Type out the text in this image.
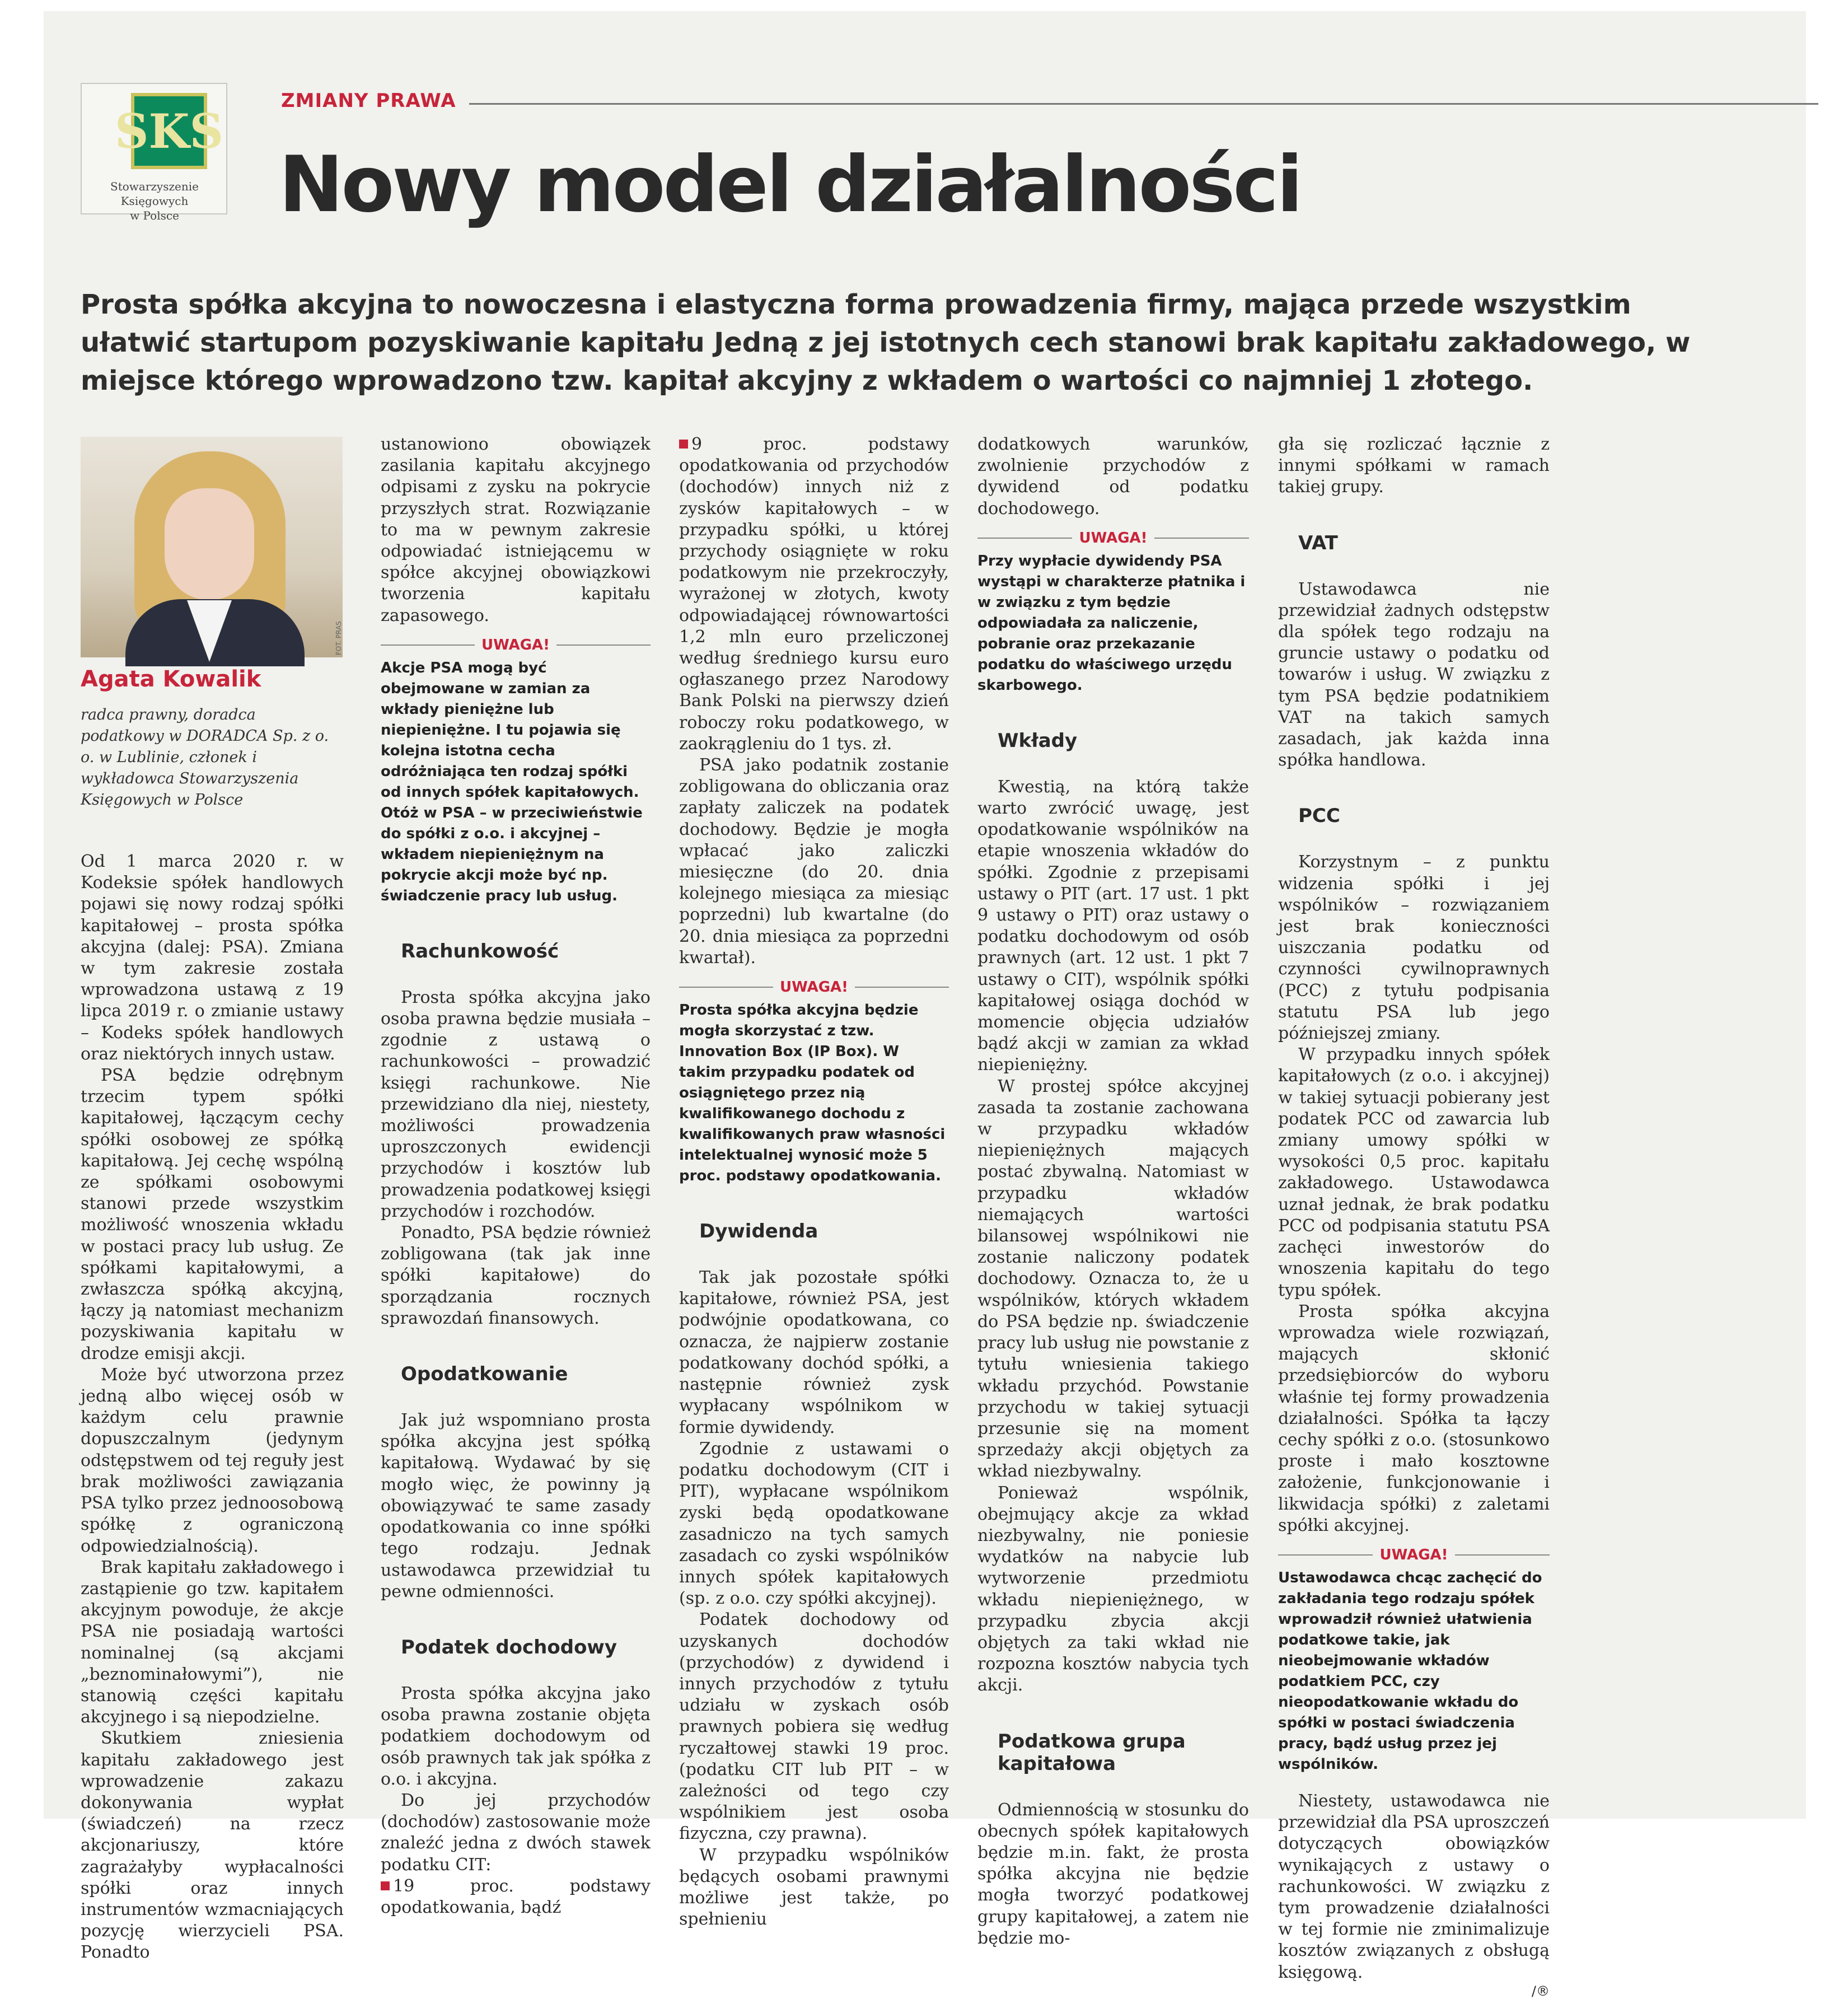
SKS
Stowarzyszenie Księgowych
w Polsce
ZMIANY PRAWA
Nowy model działalności
Prosta spółka akcyjna to nowoczesna i elastyczna forma prowadzenia firmy, mająca przede wszystkim ułatwić startupom pozyskiwanie kapitału Jedną z jej istotnych cech stanowi brak kapitału zakładowego, w miejsce którego wprowadzono tzw. kapitał akcyjny z wkładem o wartości co najmniej 1 złotego.
FOT. PRAS
Agata Kowalik
radca prawny, doradca podatkowy w DORADCA Sp. z o. o. w Lublinie, członek i wykładowca Stowarzyszenia Księgowych w Polsce

Od 1 marca 2020 r. w Kodeksie spółek handlowych pojawi się nowy rodzaj spółki kapitałowej – prosta spółka akcyjna (dalej: PSA). Zmiana w tym zakresie została wprowadzona ustawą z 19 lipca 2019 r. o zmianie ustawy – Kodeks spółek handlowych oraz niektórych innych ustaw.

PSA będzie odrębnym trzecim typem spółki kapitałowej, łączącym cechy spółki osobowej ze spółką kapitałową. Jej cechę wspólną ze spółkami osobowymi stanowi przede wszystkim możliwość wnoszenia wkładu w postaci pracy lub usług. Ze spółkami kapitałowymi, a zwłaszcza spółką akcyjną, łączy ją natomiast mechanizm pozyskiwania kapitału w drodze emisji akcji.

Może być utworzona przez jedną albo więcej osób w każdym celu prawnie dopuszczalnym (jedynym odstępstwem od tej reguły jest brak możliwości zawiązania PSA tylko przez jednoosobową spółkę z ograniczoną odpowiedzialnością).

Brak kapitału zakładowego i zastąpienie go tzw. kapitałem akcyjnym powoduje, że akcje PSA nie posiadają wartości nominalnej (są akcjami „beznominałowymi”), nie stanowią części kapitału akcyjnego i są niepodzielne.

Skutkiem zniesienia kapitału zakładowego jest wprowadzenie zakazu dokonywania wypłat (świadczeń) na rzecz akcjonariuszy, które zagrażałyby wypłacalności spółki oraz innych instrumentów wzmacniających pozycję wierzycieli PSA. Ponadto

ustanowiono obowiązek zasilania kapitału akcyjnego odpisami z zysku na pokrycie przyszłych strat. Rozwiązanie to ma w pewnym zakresie odpowiadać istniejącemu w spółce akcyjnej obowiązkowi tworzenia kapitału zapasowego.

UWAGA!
Akcje PSA mogą być obejmowane w zamian za wkłady pieniężne lub niepieniężne. I tu pojawia się kolejna istotna cecha odróżniająca ten rodzaj spółki od innych spółek kapitałowych. Otóż w PSA – w przeciwieństwie do spółki z o.o. i akcyjnej – wkładem niepieniężnym na pokrycie akcji może być np. świadczenie pracy lub usług.
Rachunkowość

Prosta spółka akcyjna jako osoba prawna będzie musiała – zgodnie z ustawą o rachunkowości – prowadzić księgi rachunkowe. Nie przewidziano dla niej, niestety, możliwości prowadzenia uproszczonych ewidencji przychodów i kosztów lub prowadzenia podatkowej księgi przychodów i rozchodów.

Ponadto, PSA będzie również zobligowana (tak jak inne spółki kapitałowe) do sporządzania rocznych sprawozdań finansowych.

Opodatkowanie

Jak już wspomniano prosta spółka akcyjna jest spółką kapitałową. Wydawać by się mogło więc, że powinny ją obowiązywać te same zasady opodatkowania co inne spółki tego rodzaju. Jednak ustawodawca przewidział tu pewne odmienności.

Podatek dochodowy

Prosta spółka akcyjna jako osoba prawna zostanie objęta podatkiem dochodowym od osób prawnych tak jak spółka z o.o. i akcyjna.

Do jej przychodów (dochodów) zastosowanie może znaleźć jedna z dwóch stawek podatku CIT:

19 proc. podstawy opodatkowania, bądź

9 proc. podstawy opodatkowania od przychodów (dochodów) innych niż z zysków kapitałowych – w przypadku spółki, u której przychody osiągnięte w roku podatkowym nie przekroczyły, wyrażonej w złotych, kwoty odpowiadającej równowartości 1,2 mln euro przeliczonej według średniego kursu euro ogłaszanego przez Narodowy Bank Polski na pierwszy dzień roboczy roku podatkowego, w zaokrągleniu do 1 tys. zł.

PSA jako podatnik zostanie zobligowana do obliczania oraz zapłaty zaliczek na podatek dochodowy. Będzie je mogła wpłacać jako zaliczki miesięczne (do 20. dnia kolejnego miesiąca za miesiąc poprzedni) lub kwartalne (do 20. dnia miesiąca za poprzedni kwartał).

UWAGA!
Prosta spółka akcyjna będzie mogła skorzystać z tzw. Innovation Box (IP Box). W takim przypadku podatek od osiągniętego przez nią kwalifikowanego dochodu z kwalifikowanych praw własności intelektualnej wynosić może 5 proc. podstawy opodatkowania.
Dywidenda

Tak jak pozostałe spółki kapitałowe, również PSA, jest podwójnie opodatkowana, co oznacza, że najpierw zostanie podatkowany dochód spółki, a następnie również zysk wypłacany wspólnikom w formie dywidendy.

Zgodnie z ustawami o podatku dochodowym (CIT i PIT), wypłacane wspólnikom zyski będą opodatkowane zasadniczo na tych samych zasadach co zyski wspólników innych spółek kapitałowych (sp. z o.o. czy spółki akcyjnej).

Podatek dochodowy od uzyskanych dochodów (przychodów) z dywidend i innych przychodów z tytułu udziału w zyskach osób prawnych pobiera się według ryczałtowej stawki 19 proc. (podatku CIT lub PIT – w zależności od tego czy wspólnikiem jest osoba fizyczna, czy prawna).

W przypadku wspólników będących osobami prawnymi możliwe jest także, po spełnieniu

dodatkowych warunków, zwolnienie przychodów z dywidend od podatku dochodowego.

UWAGA!
Przy wypłacie dywidendy PSA wystąpi w charakterze płatnika i w związku z tym będzie odpowiadała za naliczenie, pobranie oraz przekazanie podatku do właściwego urzędu skarbowego.
Wkłady

Kwestią, na którą także warto zwrócić uwagę, jest opodatkowanie wspólników na etapie wnoszenia wkładów do spółki. Zgodnie z przepisami ustawy o PIT (art. 17 ust. 1 pkt 9 ustawy o PIT) oraz ustawy o podatku dochodowym od osób prawnych (art. 12 ust. 1 pkt 7 ustawy o CIT), wspólnik spółki kapitałowej osiąga dochód w momencie objęcia udziałów bądź akcji w zamian za wkład niepieniężny.

W prostej spółce akcyjnej zasada ta zostanie zachowana w przypadku wkładów niepieniężnych mających postać zbywalną. Natomiast w przypadku wkładów niemających wartości bilansowej wspólnikowi nie zostanie naliczony podatek dochodowy. Oznacza to, że u wspólników, których wkładem do PSA będzie np. świadczenie pracy lub usług nie powstanie z tytułu wniesienia takiego wkładu przychód. Powstanie przychodu w takiej sytuacji przesunie się na moment sprzedaży akcji objętych za wkład niezbywalny.

Ponieważ wspólnik, obejmujący akcje za wkład niezbywalny, nie poniesie wydatków na nabycie lub wytworzenie przedmiotu wkładu niepieniężnego, w przypadku zbycia akcji objętych za taki wkład nie rozpozna kosztów nabycia tych akcji.

Podatkowa grupa kapitałowa

Odmiennością w stosunku do obecnych spółek kapitałowych będzie m.in. fakt, że prosta spółka akcyjna nie będzie mogła tworzyć podatkowej grupy kapitałowej, a zatem nie będzie mo-

gła się rozliczać łącznie z innymi spółkami w ramach takiej grupy.

VAT

Ustawodawca nie przewidział żadnych odstępstw dla spółek tego rodzaju na gruncie ustawy o podatku od towarów i usług. W związku z tym PSA będzie podatnikiem VAT na takich samych zasadach, jak każda inna spółka handlowa.

PCC

Korzystnym – z punktu widzenia spółki i jej wspólników – rozwiązaniem jest brak konieczności uiszczania podatku od czynności cywilnoprawnych (PCC) z tytułu podpisania statutu PSA lub jego późniejszej zmiany.

W przypadku innych spółek kapitałowych (z o.o. i akcyjnej) w takiej sytuacji pobierany jest podatek PCC od zawarcia lub zmiany umowy spółki w wysokości 0,5 proc. kapitału zakładowego. Ustawodawca uznał jednak, że brak podatku PCC od podpisania statutu PSA zachęci inwestorów do wnoszenia kapitału do tego typu spółek.

Prosta spółka akcyjna wprowadza wiele rozwiązań, mających skłonić przedsiębiorców do wyboru właśnie tej formy prowadzenia działalności. Spółka ta łączy cechy spółki z o.o. (stosunkowo proste i mało kosztowne założenie, funkcjonowanie i likwidacja spółki) z zaletami spółki akcyjnej.

UWAGA!
Ustawodawca chcąc zachęcić do zakładania tego rodzaju spółek wprowadził również ułatwienia podatkowe takie, jak nieobejmowanie wkładów podatkiem PCC, czy nieopodatkowanie wkładu do spółki w postaci świadczenia pracy, bądź usług przez jej wspólników.

Niestety, ustawodawca nie przewidział dla PSA uproszczeń dotyczących obowiązków wynikających z ustawy o rachunkowości. W związku z tym prowadzenie działalności w tej formie nie zminimalizuje kosztów związanych z obsługą księgową.

/®
